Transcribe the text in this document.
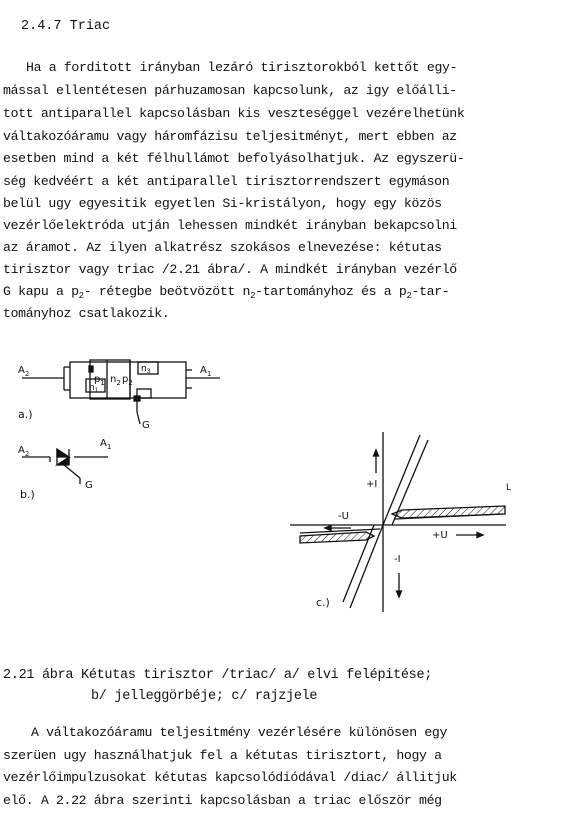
2.4.7 Triac
Ha a forditott irányban lezáró tirisztorokból kettőt egy-
mással ellentétesen párhuzamosan kapcsolunk, az igy előálli-
tott antiparallel kapcsolásban kis veszteséggel vezérelhetünk
váltakozóáramu vagy háromfázisu teljesitményt, mert ebben az
esetben mind a két félhullámot befolyásolhatjuk. Az egyszerü-
ség kedvéért a két antiparallel tirisztorrendszert egymáson
belül ugy egyesitik egyetlen Si-kristályon, hogy egy közös
vezérlőelektróda utján lehessen mindkét irányban bekapcsolni
az áramot. Az ilyen alkatrész szokásos elnevezése: kétutas
tirisztor vagy triac /2.21 ábra/. A mindkét irányban vezérlő
G kapu a $p_2-$ rétegbe beötvözött $n_2$-tartományhoz és a $p_2-tar-$
tományhoz csatlakozik.
$A_2$	$A_1$
$p_1$
$n_1$
$n_2$ $p_2$
$n_3$
G
a.)
$A_2$
$A_1$
G
b.)
+I
-I
-U
+U
L
c.)
2.21 ábra Kétutas tirisztor /triac/ a/ elvi felépitése;
b/ jelleggörbéje; c/ rajzjele
A váltakozóáramu teljesitmény vezérlésére különösen egy
szerüen ugy használhatjuk fel a kétutas tirisztort, hogy a
vezérlőimpulzusokat kétutas kapcsolódiódával /diac/ állitjuk
elő. A 2.22 ábra szerinti kapcsolásban a triac először még
